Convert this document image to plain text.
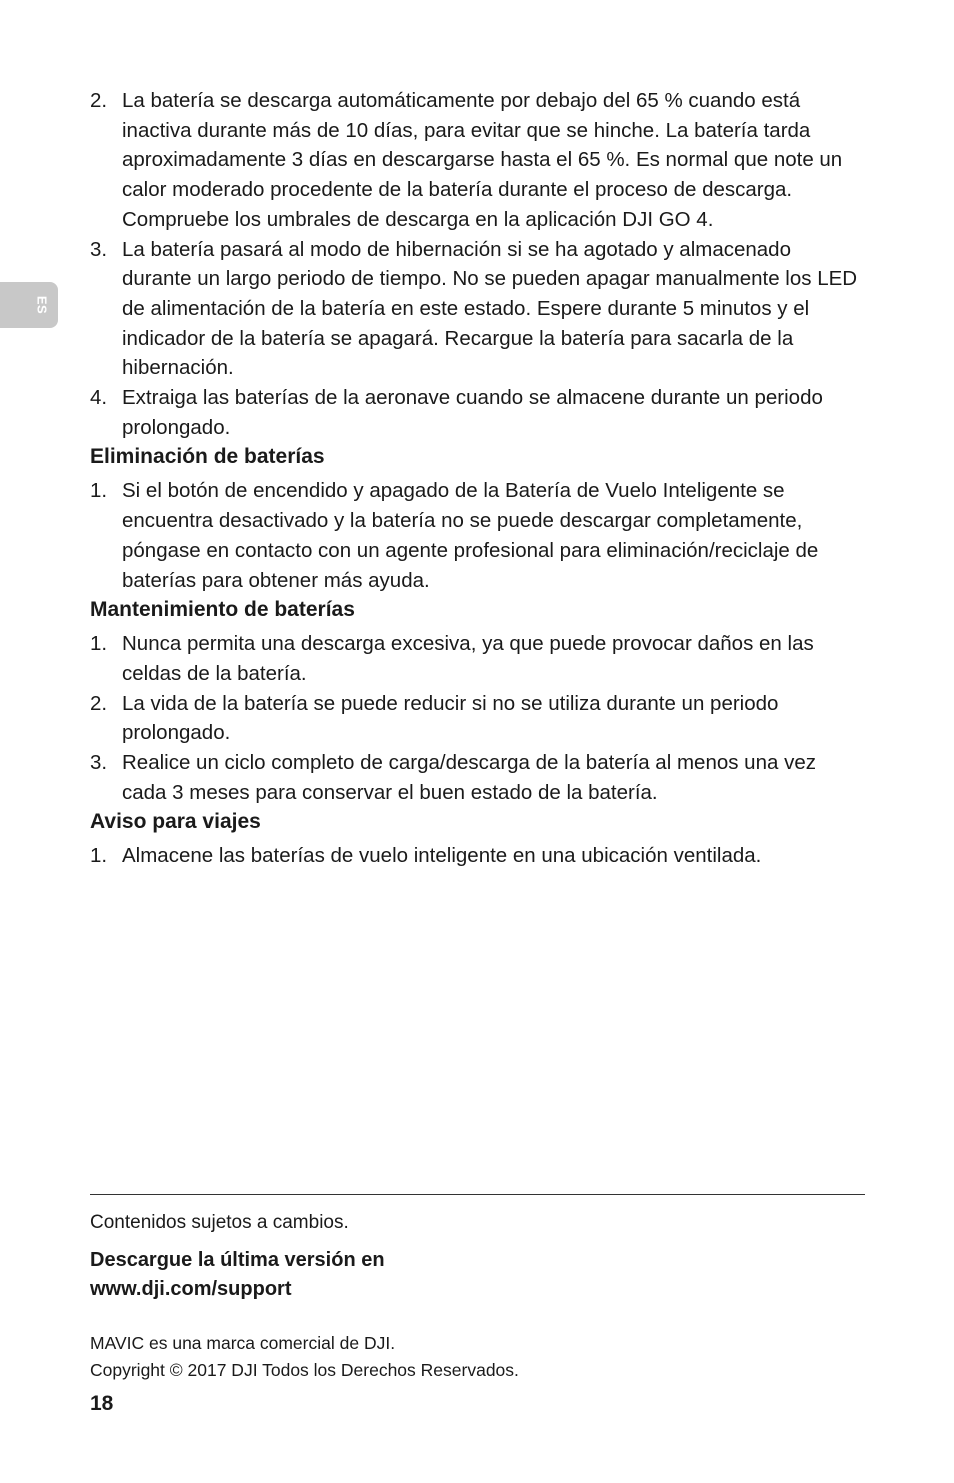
ES
2. La batería se descarga automáticamente por debajo del 65 % cuando está inactiva durante más de 10 días, para evitar que se hinche. La batería tarda aproximadamente 3 días en descargarse hasta el 65 %. Es normal que note un calor moderado procedente de la batería durante el proceso de descarga. Compruebe los umbrales de descarga en la aplicación DJI GO 4.
3. La batería pasará al modo de hibernación si se ha agotado y almacenado durante un largo periodo de tiempo. No se pueden apagar manualmente los LED de alimentación de la batería en este estado. Espere durante 5 minutos y el indicador de la batería se apagará. Recargue la batería para sacarla de la hibernación.
4. Extraiga las baterías de la aeronave cuando se almacene durante un periodo prolongado.
Eliminación de baterías
1. Si el botón de encendido y apagado de la Batería de Vuelo Inteligente se encuentra desactivado y la batería no se puede descargar completamente, póngase en contacto con un agente profesional para eliminación/reciclaje de baterías para obtener más ayuda.
Mantenimiento de baterías
1. Nunca permita una descarga excesiva, ya que puede provocar daños en las celdas de la batería.
2. La vida de la batería se puede reducir si no se utiliza durante un periodo prolongado.
3. Realice un ciclo completo de carga/descarga de la batería al menos una vez cada 3 meses para conservar el buen estado de la batería.
Aviso para viajes
1. Almacene las baterías de vuelo inteligente en una ubicación ventilada.
Contenidos sujetos a cambios.
Descargue la última versión en
www.dji.com/support
MAVIC es una marca comercial de DJI.
Copyright © 2017 DJI Todos los Derechos Reservados.
18
